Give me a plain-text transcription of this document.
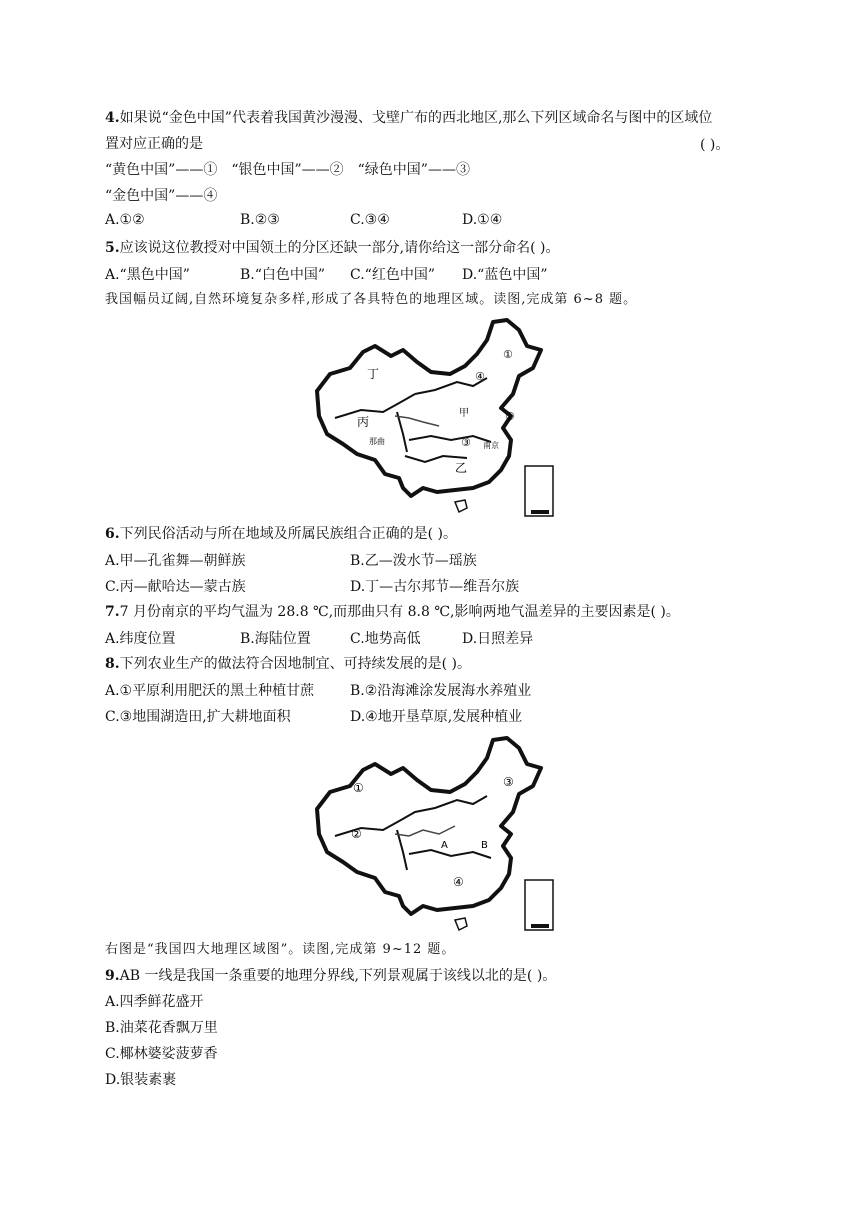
4.如果说“金色中国”代表着我国黄沙漫漫、戈壁广布的西北地区,那么下列区域命名与图中的区域位
置对应正确的是	( )。
“黄色中国”——①　“银色中国”——②　“绿色中国”——③
“金色中国”——④
A.①②	B.②③	C.③④	D.①④
5.应该说这位教授对中国领土的分区还缺一部分,请你给这一部分命名( )。
A.“黑色中国”	B.“白色中国” C.“红色中国” D.“蓝色中国”
我国幅员辽阔,自然环境复杂多样,形成了各具特色的地理区域。读图,完成第 6~8 题。
丁
甲
丙
乙
那曲	南京
①
②
③
④
6.下列民俗活动与所在地域及所属民族组合正确的是( )。
A.甲—孔雀舞—朝鲜族	B.乙—泼水节—瑶族
C.丙—献哈达—蒙古族	D.丁—古尔邦节—维吾尔族
7.7 月份南京的平均气温为 28.8 ℃,而那曲只有 8.8 ℃,影响两地气温差异的主要因素是( )。
A.纬度位置	B.海陆位置	C.地势高低	D.日照差异
8.下列农业生产的做法符合因地制宜、可持续发展的是( )。
A.①平原利用肥沃的黑土种植甘蔗	B.②沿海滩涂发展海水养殖业
C.③地围湖造田,扩大耕地面积	D.④地开垦草原,发展种植业
①
②
③
④
A	B
右图是“我国四大地理区域图”。读图,完成第 9~12 题。
9.AB 一线是我国一条重要的地理分界线,下列景观属于该线以北的是( )。
A.四季鲜花盛开
B.油菜花香飘万里
C.椰林婆娑菠萝香
D.银装素裹
